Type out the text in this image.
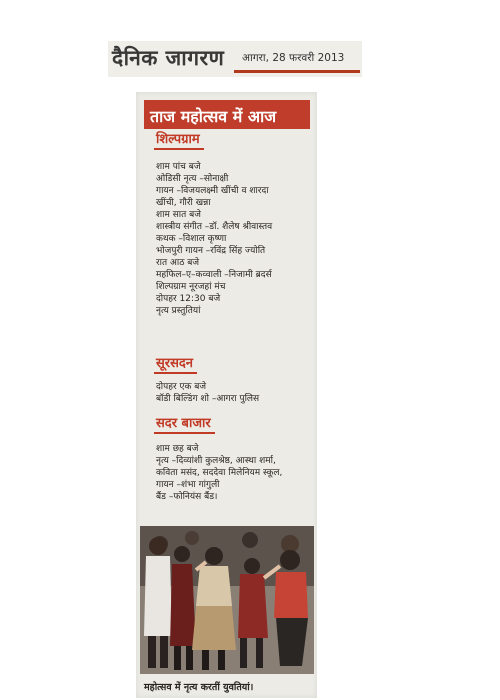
दैनिक जागरण आगरा, 28 फरवरी 2013
ताज महोत्सव में आज
शिल्पग्राम
शाम पांच बजे
ओडिसी नृत्य –सोनाक्षी
गायन –विजयलक्ष्मी खींची व शारदा
खींची, गौरी खन्ना
शाम सात बजे
शास्त्रीय संगीत –डॉ. शैलेष श्रीवास्तव
कथक –विशाल कृष्णा
भोजपुरी गायन –रविंद्र सिंह ज्योति
रात आठ बजे
महफिल–ए–कव्वाली –निजामी ब्रदर्स
शिल्पग्राम नूरजहां मंच
दोपहर 12:30 बजे
नृत्य प्रस्तुतियां
सूरसदन
दोपहर एक बजे
बॉडी बिल्डिंग शो –आगरा पुलिस
सदर बाजार
शाम छह बजे
नृत्य –दिव्यांशी कुलश्रेष्ठ, आस्था शर्मा,
कविता मसंद, सददेवा मिलेनियम स्कूल,
गायन –शंभा गांगुली
बैंड –फोनियंस बैंड।
महोत्सव में नृत्य करतीं युवतियां।
